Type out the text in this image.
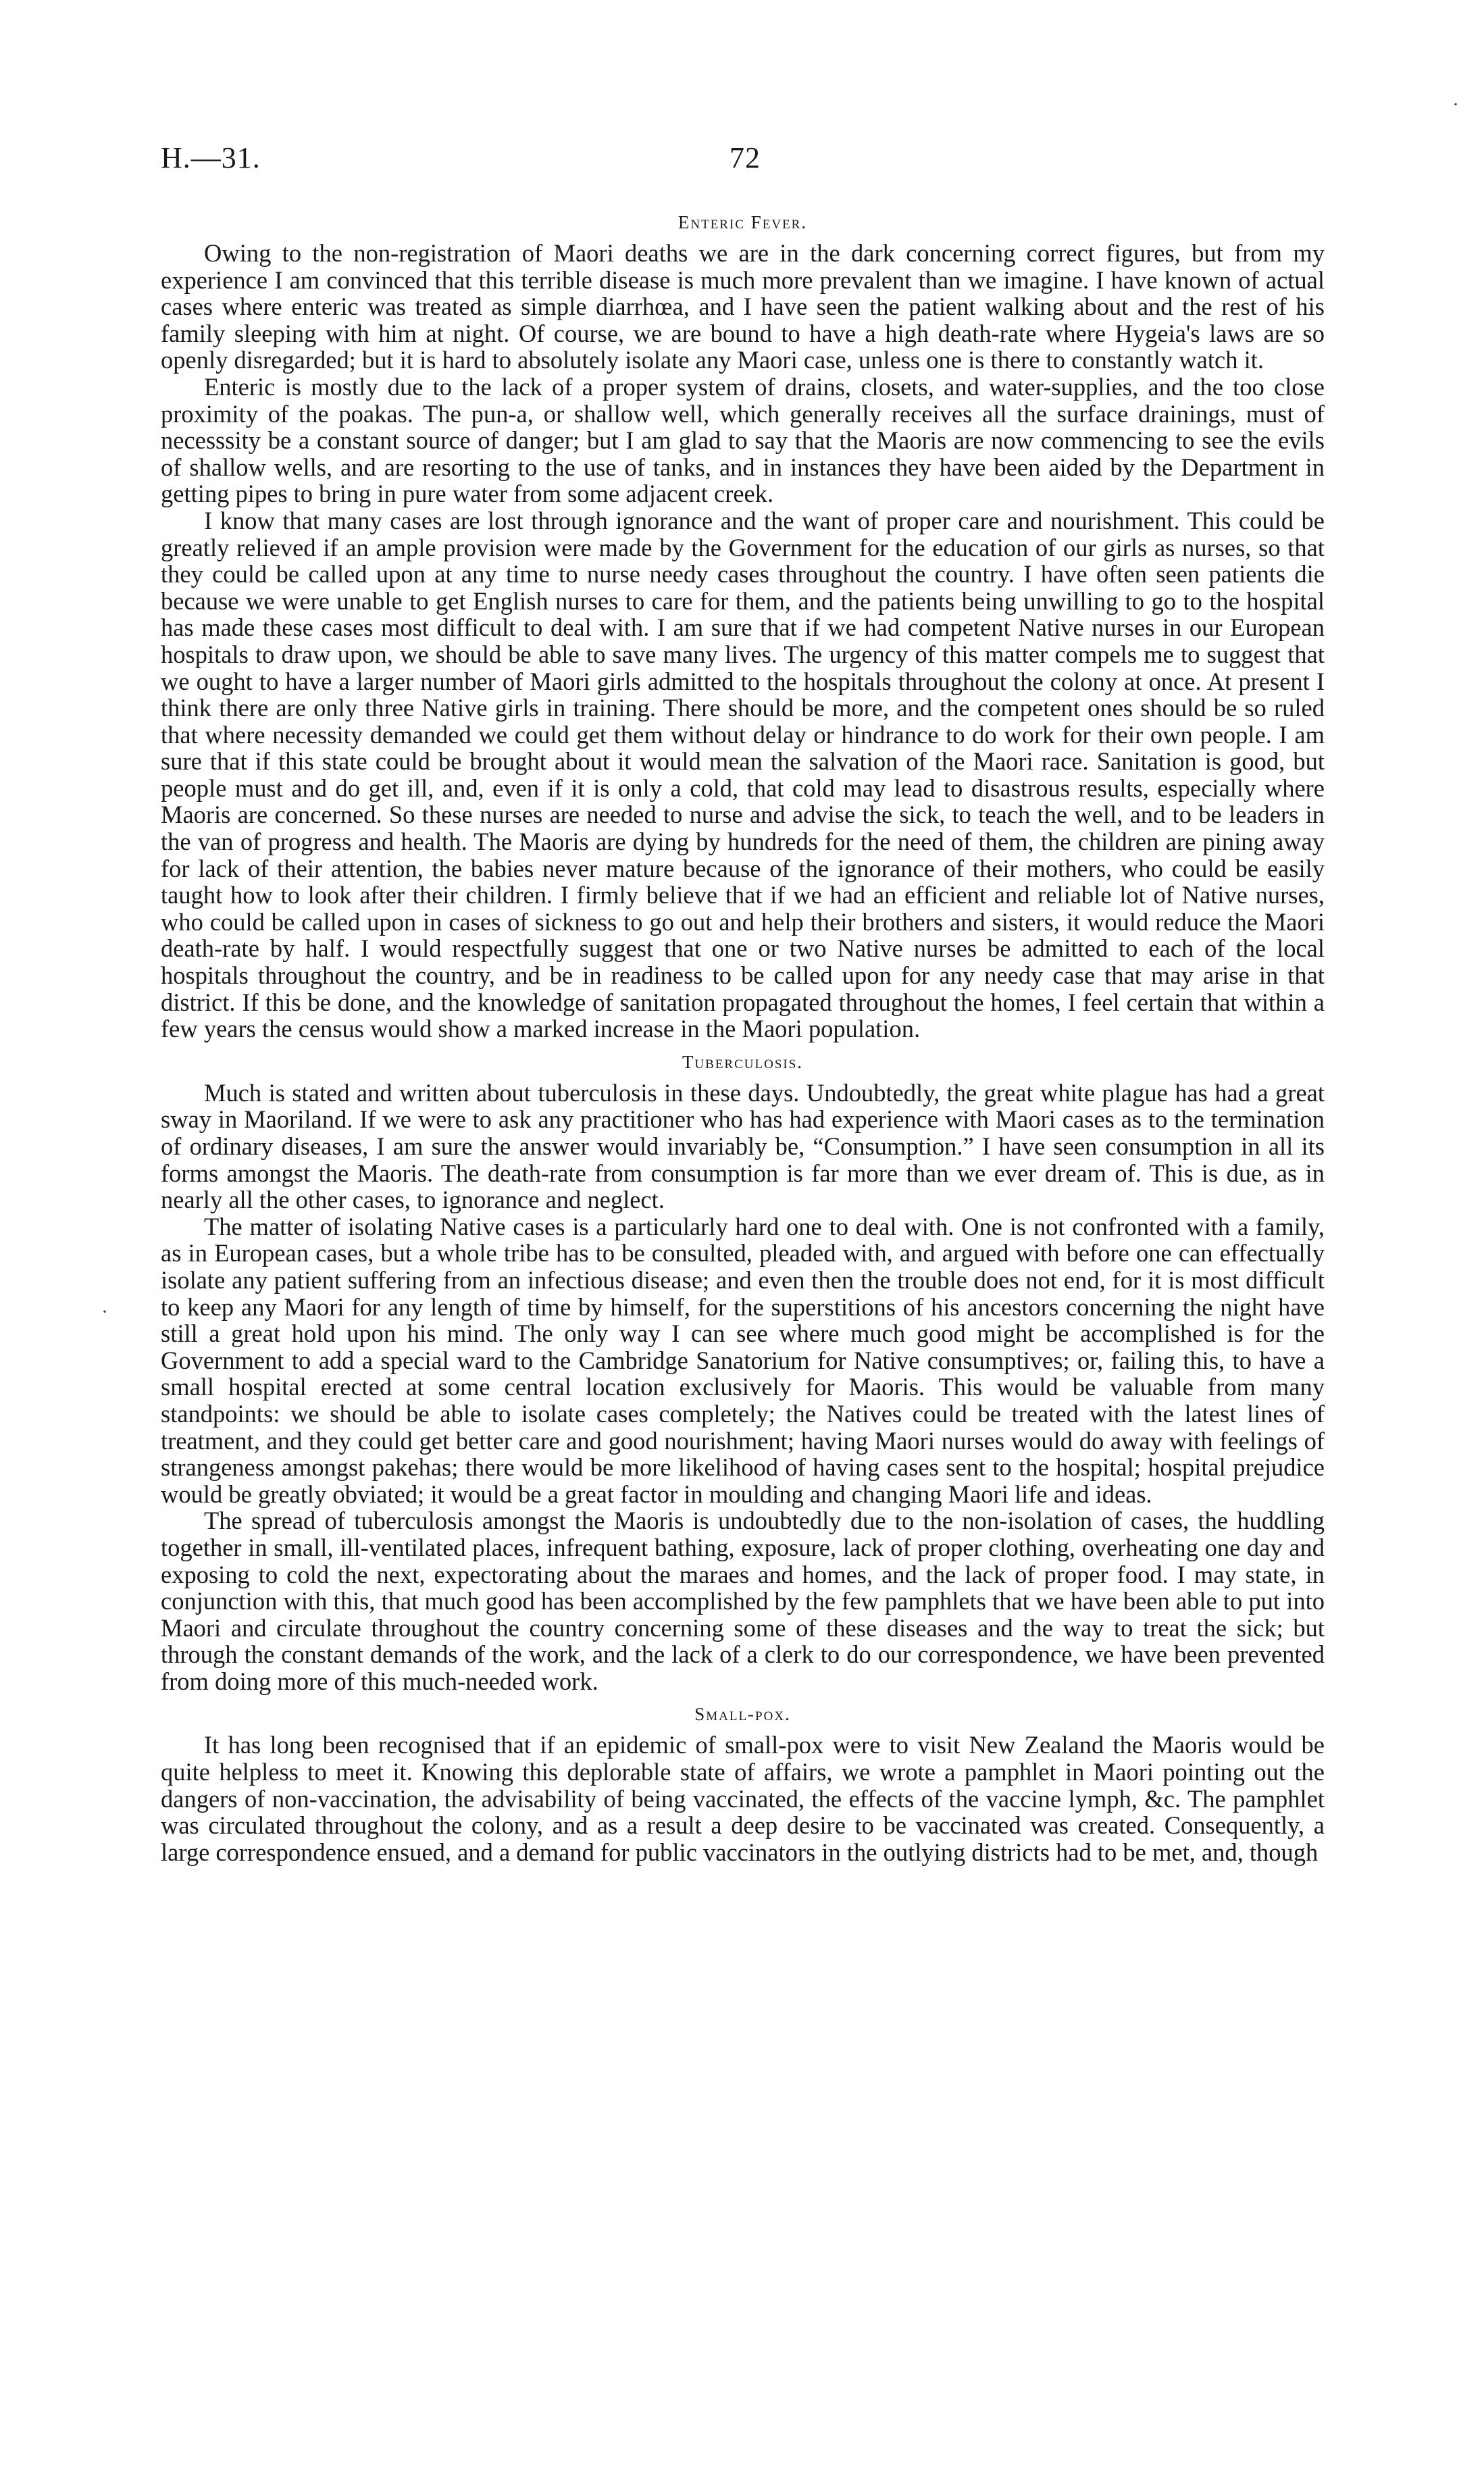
H.—31.	72
Enteric Fever.

Owing to the non-registration of Maori deaths we are in the dark concerning correct figures, but from my experience I am convinced that this terrible disease is much more prevalent than we imagine. I have known of actual cases where enteric was treated as simple diarrhœa, and I have seen the patient walking about and the rest of his family sleeping with him at night. Of course, we are bound to have a high death-rate where Hygeia's laws are so openly disregarded; but it is hard to absolutely isolate any Maori case, unless one is there to constantly watch it.

Enteric is mostly due to the lack of a proper system of drains, closets, and water-supplies, and the too close proximity of the poakas. The pun-a, or shallow well, which generally receives all the surface drainings, must of necesssity be a constant source of danger; but I am glad to say that the Maoris are now commencing to see the evils of shallow wells, and are resorting to the use of tanks, and in instances they have been aided by the Department in getting pipes to bring in pure water from some adjacent creek.

I know that many cases are lost through ignorance and the want of proper care and nourishment. This could be greatly relieved if an ample provision were made by the Government for the education of our girls as nurses, so that they could be called upon at any time to nurse needy cases throughout the country. I have often seen patients die because we were unable to get English nurses to care for them, and the patients being unwilling to go to the hospital has made these cases most difficult to deal with. I am sure that if we had competent Native nurses in our European hospitals to draw upon, we should be able to save many lives. The urgency of this matter compels me to suggest that we ought to have a larger number of Maori girls admitted to the hospitals throughout the colony at once. At present I think there are only three Native girls in training. There should be more, and the competent ones should be so ruled that where necessity demanded we could get them without delay or hindrance to do work for their own people. I am sure that if this state could be brought about it would mean the salvation of the Maori race. Sanitation is good, but people must and do get ill, and, even if it is only a cold, that cold may lead to disastrous results, especially where Maoris are concerned. So these nurses are needed to nurse and advise the sick, to teach the well, and to be leaders in the van of progress and health. The Maoris are dying by hundreds for the need of them, the children are pining away for lack of their attention, the babies never mature because of the ignorance of their mothers, who could be easily taught how to look after their children. I firmly believe that if we had an efficient and reliable lot of Native nurses, who could be called upon in cases of sickness to go out and help their brothers and sisters, it would reduce the Maori death-rate by half. I would respectfully suggest that one or two Native nurses be admitted to each of the local hospitals throughout the country, and be in readiness to be called upon for any needy case that may arise in that district. If this be done, and the knowledge of sanitation propagated throughout the homes, I feel certain that within a few years the census would show a marked increase in the Maori population.

Tuberculosis.

Much is stated and written about tuberculosis in these days. Undoubtedly, the great white plague has had a great sway in Maoriland. If we were to ask any practitioner who has had experience with Maori cases as to the termination of ordinary diseases, I am sure the answer would invariably be, “Consumption.” I have seen consumption in all its forms amongst the Maoris. The death-rate from consumption is far more than we ever dream of. This is due, as in nearly all the other cases, to ignorance and neglect.

The matter of isolating Native cases is a particularly hard one to deal with. One is not confronted with a family, as in European cases, but a whole tribe has to be consulted, pleaded with, and argued with before one can effectually isolate any patient suffering from an infectious disease; and even then the trouble does not end, for it is most difficult to keep any Maori for any length of time by himself, for the superstitions of his ancestors concerning the night have still a great hold upon his mind. The only way I can see where much good might be accomplished is for the Government to add a special ward to the Cambridge Sanatorium for Native consumptives; or, failing this, to have a small hospital erected at some central location exclusively for Maoris. This would be valuable from many standpoints: we should be able to isolate cases completely; the Natives could be treated with the latest lines of treatment, and they could get better care and good nourishment; having Maori nurses would do away with feelings of strangeness amongst pakehas; there would be more likelihood of having cases sent to the hospital; hospital prejudice would be greatly obviated; it would be a great factor in moulding and changing Maori life and ideas.

The spread of tuberculosis amongst the Maoris is undoubtedly due to the non-isolation of cases, the huddling together in small, ill-ventilated places, infrequent bathing, exposure, lack of proper clothing, overheating one day and exposing to cold the next, expectorating about the maraes and homes, and the lack of proper food. I may state, in conjunction with this, that much good has been accomplished by the few pamphlets that we have been able to put into Maori and circulate throughout the country concerning some of these diseases and the way to treat the sick; but through the constant demands of the work, and the lack of a clerk to do our correspondence, we have been prevented from doing more of this much-needed work.

Small-pox.

It has long been recognised that if an epidemic of small-pox were to visit New Zealand the Maoris would be quite helpless to meet it. Knowing this deplorable state of affairs, we wrote a pamphlet in Maori pointing out the dangers of non-vaccination, the advisability of being vaccinated, the effects of the vaccine lymph, &c. The pamphlet was circulated throughout the colony, and as a result a deep desire to be vaccinated was created. Consequently, a large correspondence ensued, and a demand for public vaccinators in the outlying districts had to be met, and, though

·
·
